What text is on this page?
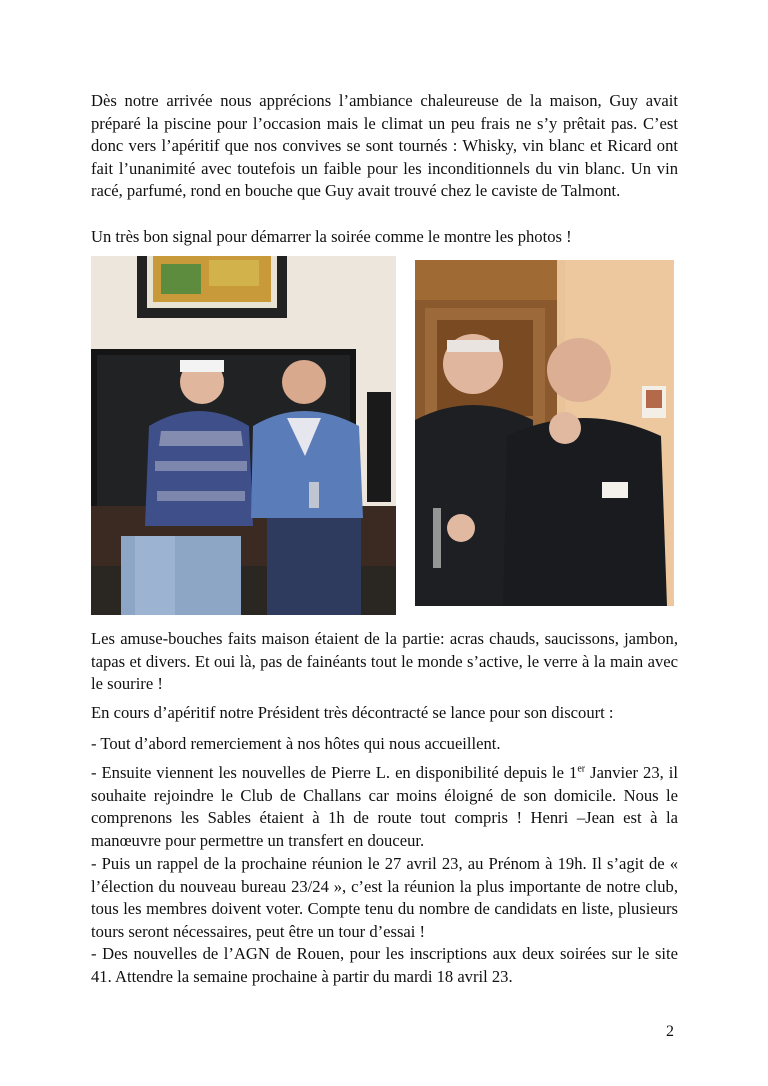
Dès notre arrivée nous apprécions l’ambiance chaleureuse de la maison, Guy avait préparé la piscine pour l’occasion mais le climat un peu frais ne s’y prêtait pas. C’est donc vers l’apéritif que nos convives se sont tournés : Whisky, vin blanc et Ricard ont fait l’unanimité avec toutefois un faible pour les inconditionnels du vin blanc. Un vin racé, parfumé, rond en bouche que Guy avait trouvé chez le caviste de Talmont.

Un très bon signal pour démarrer la soirée comme le montre les photos !

Les amuse-bouches faits maison étaient de la partie: acras chauds, saucissons, jambon, tapas et divers. Et oui là, pas de fainéants tout le monde s’active, le verre à la main avec le sourire !

En cours d’apéritif notre Président très décontracté se lance pour son discourt :

- Tout d’abord remerciement à nos hôtes qui nous accueillent.

- Ensuite viennent les nouvelles de Pierre L. en disponibilité depuis le 1er Janvier 23, il souhaite rejoindre le Club de Challans car moins éloigné de son domicile. Nous le comprenons les Sables étaient à 1h de route tout compris ! Henri –Jean est à la manœuvre pour permettre un transfert en douceur.

- Puis un rappel de la prochaine réunion le 27 avril 23, au Prénom à 19h. Il s’agit de « l’élection du nouveau bureau 23/24 », c’est la réunion la plus importante de notre club, tous les membres doivent voter. Compte tenu du nombre de candidats en liste, plusieurs tours seront nécessaires, peut être un tour d’essai !

- Des nouvelles de l’AGN de Rouen, pour les inscriptions aux deux soirées sur le site 41. Attendre la semaine prochaine à partir du mardi 18 avril 23.

2
